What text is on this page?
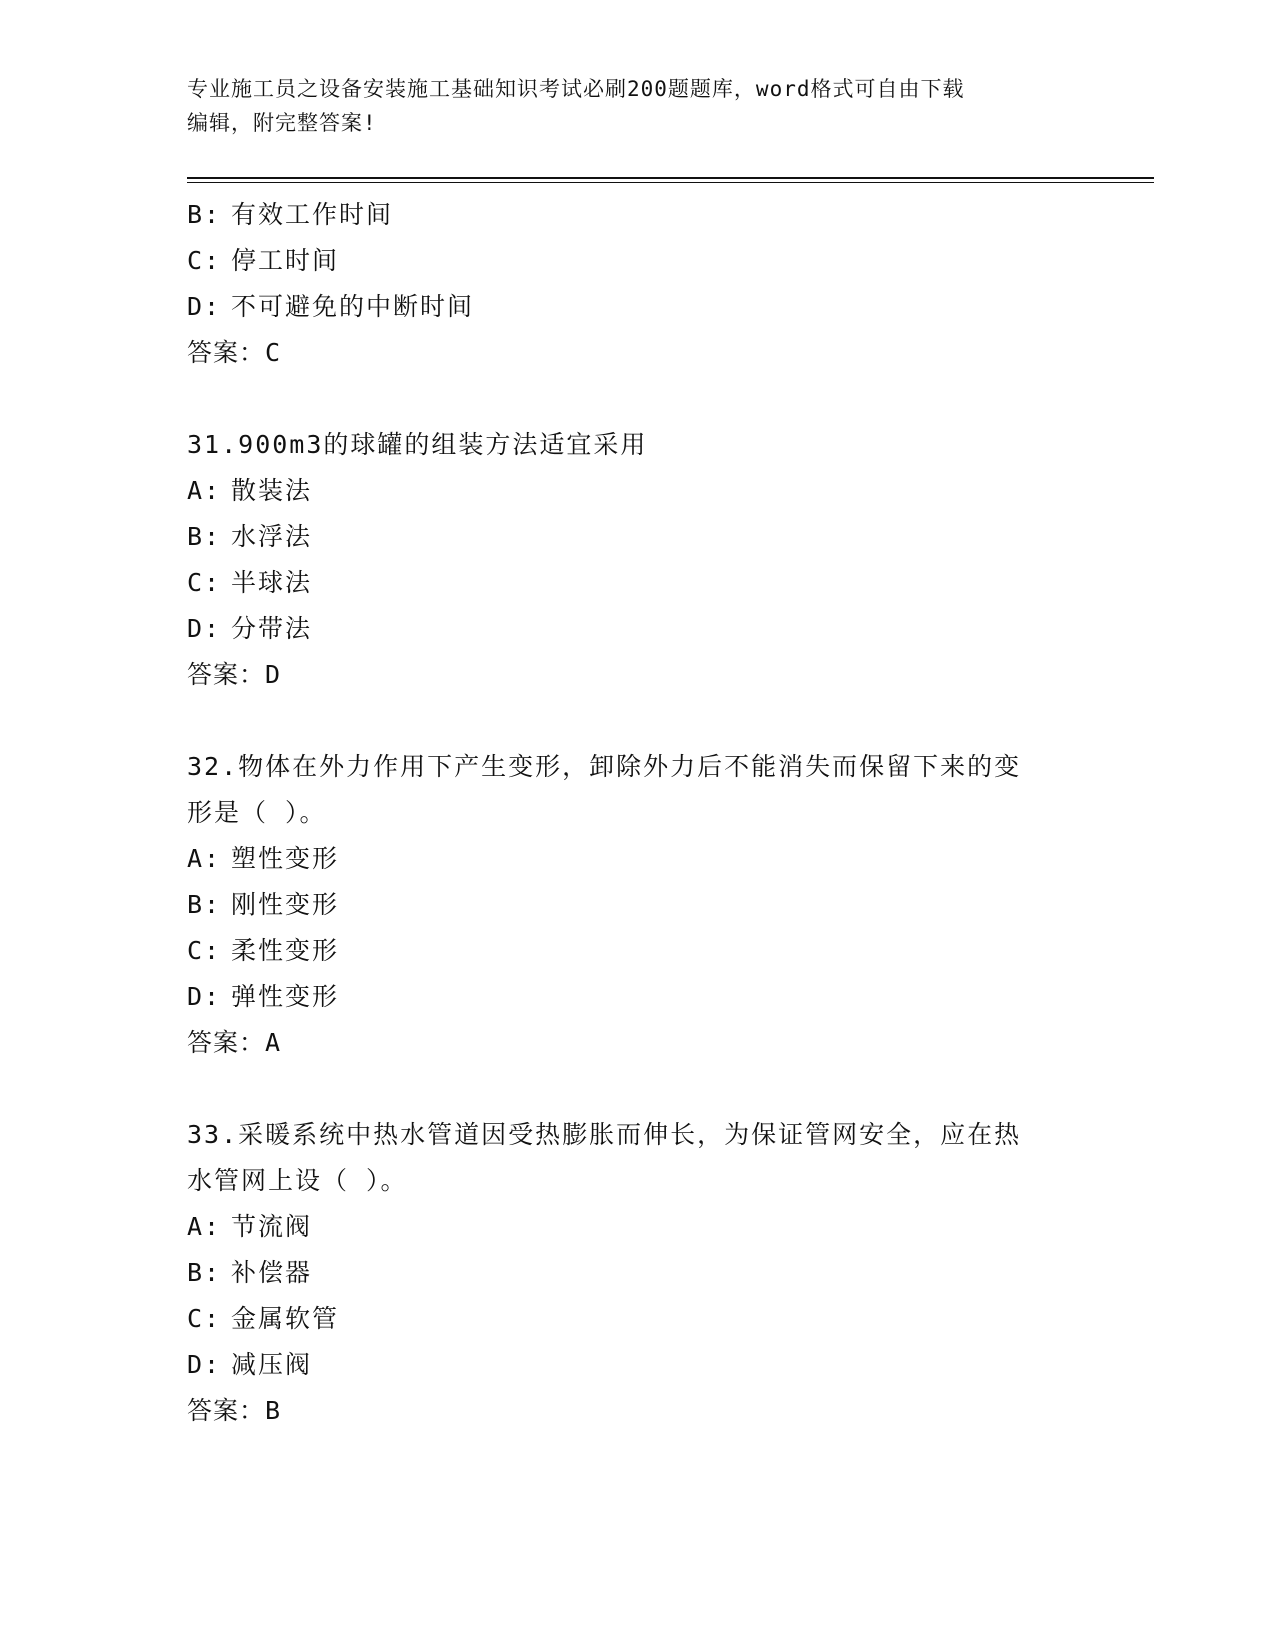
专业施工员之设备安装施工基础知识考试必刷200题题库，word格式可自由下载
编辑，附完整答案!
B: 有效工作时间
C: 停工时间
D: 不可避免的中断时间
答案：C
31.900m3的球罐的组装方法适宜采用
A: 散装法
B: 水浮法
C: 半球法
D: 分带法
答案：D
32.物体在外力作用下产生变形，卸除外力后不能消失而保留下来的变
形是（ ）。
A: 塑性变形
B: 刚性变形
C: 柔性变形
D: 弹性变形
答案：A
33.采暖系统中热水管道因受热膨胀而伸长，为保证管网安全，应在热
水管网上设（ ）。
A: 节流阀
B: 补偿器
C: 金属软管
D: 减压阀
答案：B
